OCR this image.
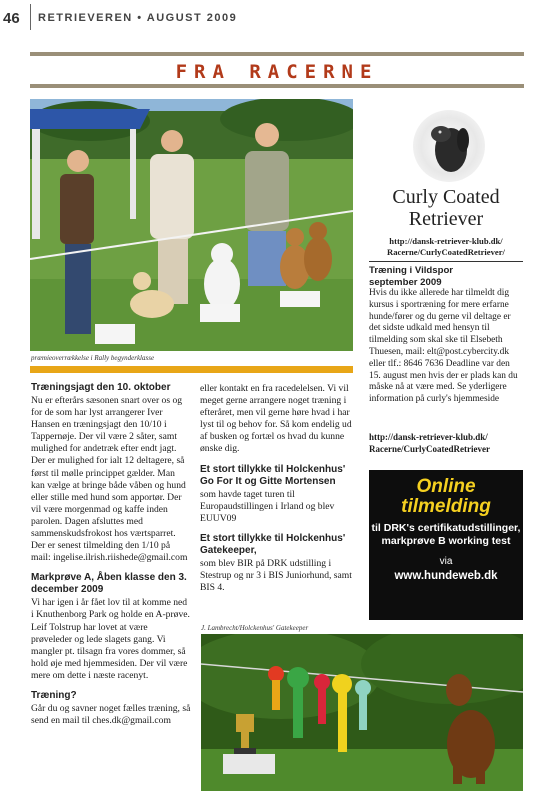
46 RETRIEVEREN • AUGUST 2009
FRA RACERNE
præmieoverrækkelse i Rally begynderklasse
Træningsjagt den 10. oktober

Nu er efterårs sæsonen snart over os og for de som har lyst arrangerer Iver Hansen en træningsjagt den 10/10 i Tappernøje. Der vil være 2 såter, samt mulighed for andetræk efter endt jagt. Der er mulighed for ialt 12 deltagere, så først til mølle princippet gælder. Man kan vælge at bringe både våben og hund eller stille med hund som apportør. Der vil være morgenmad og kaffe inden parolen. Dagen afsluttes med sammenskudsfrokost hos værtsparret. Der er senest tilmelding den 1/10 på mail: ingelise.ilrish.riishede@gmail.com

Markprøve A, Åben klasse den 3. december 2009

Vi har igen i år fået lov til at komme ned i Knuthenborg Park og holde en A-prøve. Leif Tolstrup har lovet at være prøveleder og lede slagets gang. Vi mangler pt. tilsagn fra vores dommer, så hold øje med hjemmesiden. Der vil være mere om dette i næste racenyt.

Træning?

Går du og savner noget fælles træning, så send en mail til ches.dk@gmail.com

eller kontakt en fra racedelelsen. Vi vil meget gerne arrangere noget træning i efteråret, men vil gerne høre hvad i har lyst til og behov for. Så kom endelig ud af busken og fortæl os hvad du kunne ønske dig.

Et stort tillykke til Holckenhus' Go For It og Gitte Mortensen

som havde taget turen til Europaudstillingen i Irland og blev EUUV09

Et stort tillykke til Holckenhus' Gatekeeper,

som blev BIR på DRK udstilling i Stestrup og nr 3 i BIS Juniorhund, samt BIS 4.

Curly Coated Retriever
http://dansk-retriever-klub.dk/ Racerne/CurlyCoatedRetriever/
Træning i Vildspor
september 2009

Hvis du ikke allerede har tilmeldt dig kursus i sportræning for mere erfarne hunde/fører og du gerne vil deltage er det sidste udkald med hensyn til tilmelding som skal ske til Elsebeth Thuesen, mail: elt@post.cybercity.dk eller tlf.: 8646 7636 Deadline var den 15. august men hvis der er plads kan du måske nå at være med. Se yderligere information på curly's hjemmeside

http://dansk-retriever-klub.dk/ Racerne/CurlyCoatedRetriever
Online tilmelding
til DRK's certifikatudstillinger, markprøve B working test
via
www.hundeweb.dk
J. Lambrecht/Holckenhus' Gatekeeper
